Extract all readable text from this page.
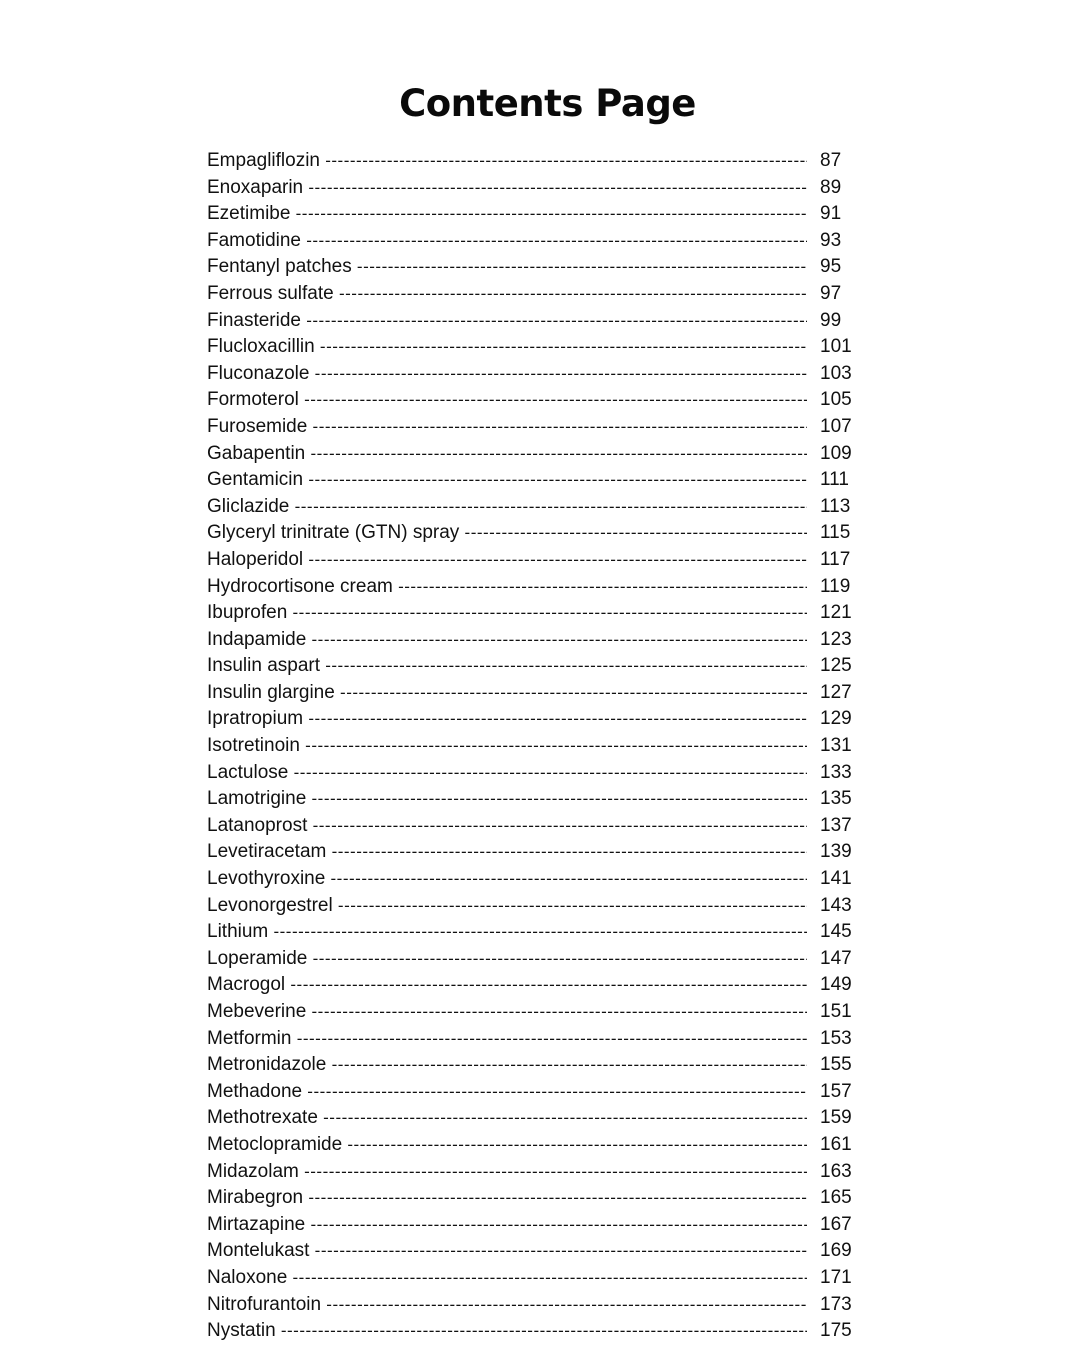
Contents Page
Empagliflozin -----	87
Enoxaparin -----	89
Ezetimibe -----	91
Famotidine -----	93
Fentanyl patches -----	95
Ferrous sulfate -----	97
Finasteride -----	99
Flucloxacillin -----	101
Fluconazole -----	103
Formoterol -----	105
Furosemide -----	107
Gabapentin -----	109
Gentamicin -----	111
Gliclazide -----	113
Glyceryl trinitrate (GTN) spray -----	115
Haloperidol -----	117
Hydrocortisone cream -----	119
Ibuprofen -----	121
Indapamide -----	123
Insulin aspart -----	125
Insulin glargine -----	127
Ipratropium -----	129
Isotretinoin -----	131
Lactulose -----	133
Lamotrigine -----	135
Latanoprost -----	137
Levetiracetam -----	139
Levothyroxine -----	141
Levonorgestrel -----	143
Lithium -----	145
Loperamide -----	147
Macrogol -----	149
Mebeverine -----	151
Metformin -----	153
Metronidazole -----	155
Methadone -----	157
Methotrexate -----	159
Metoclopramide -----	161
Midazolam -----	163
Mirabegron -----	165
Mirtazapine -----	167
Montelukast -----	169
Naloxone -----	171
Nitrofurantoin -----	173
Nystatin -----	175
